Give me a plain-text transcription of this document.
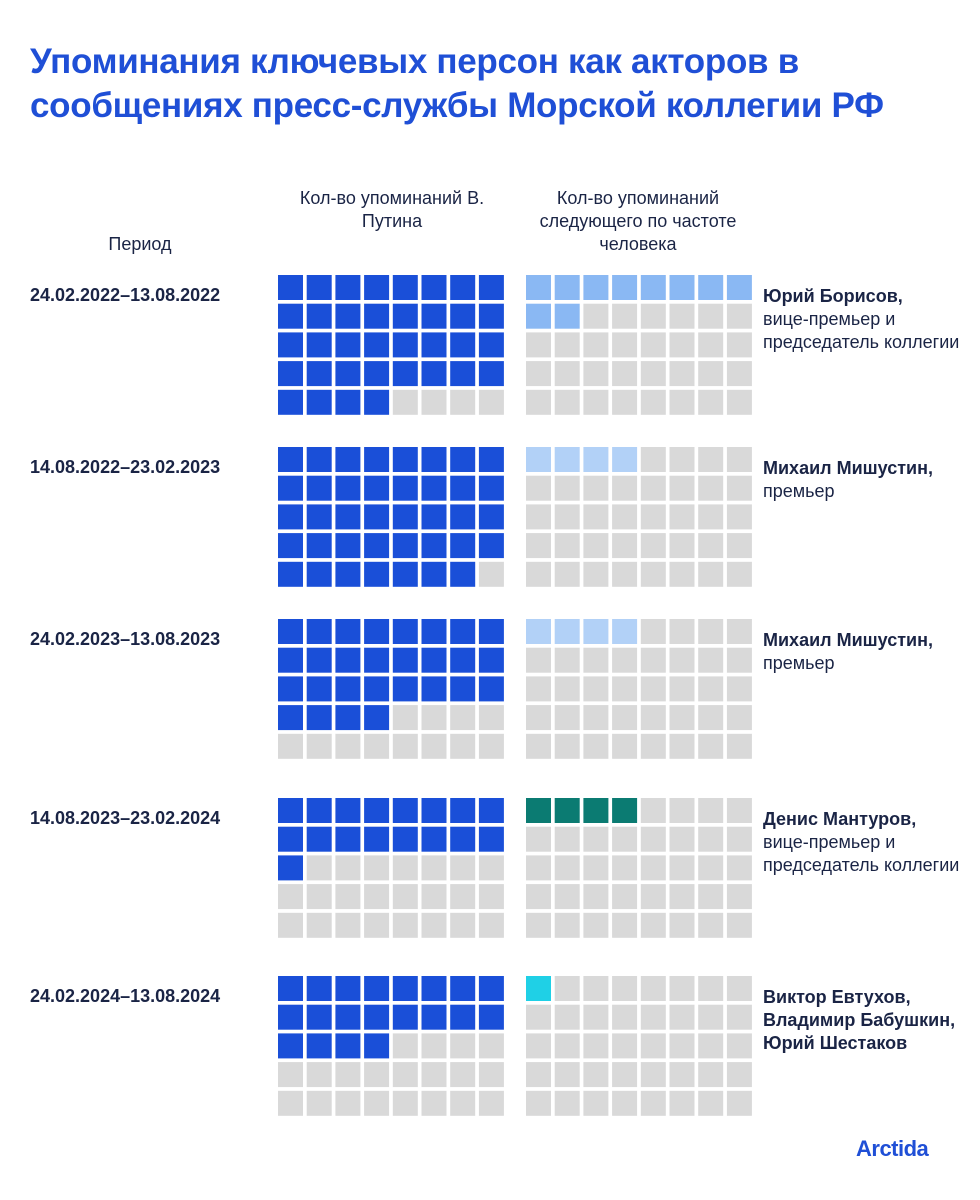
Упоминания ключевых персон как акторов в сообщениях пресс-службы Морской коллегии РФ
Период
Кол-во упоминаний В. Путина
Кол-во упоминаний следующего по частоте человека
24.02.2022–13.08.2022	Юрий Борисов,
вице-премьер и председатель коллегии
14.08.2022–23.02.2023	Михаил Мишустин,
премьер
24.02.2023–13.08.2023	Михаил Мишустин,
премьер
14.08.2023–23.02.2024	Денис Мантуров,
вице-премьер и председатель коллегии
24.02.2024–13.08.2024	Виктор Евтухов, Владимир Бабушкин, Юрий Шестаков
Arctida
